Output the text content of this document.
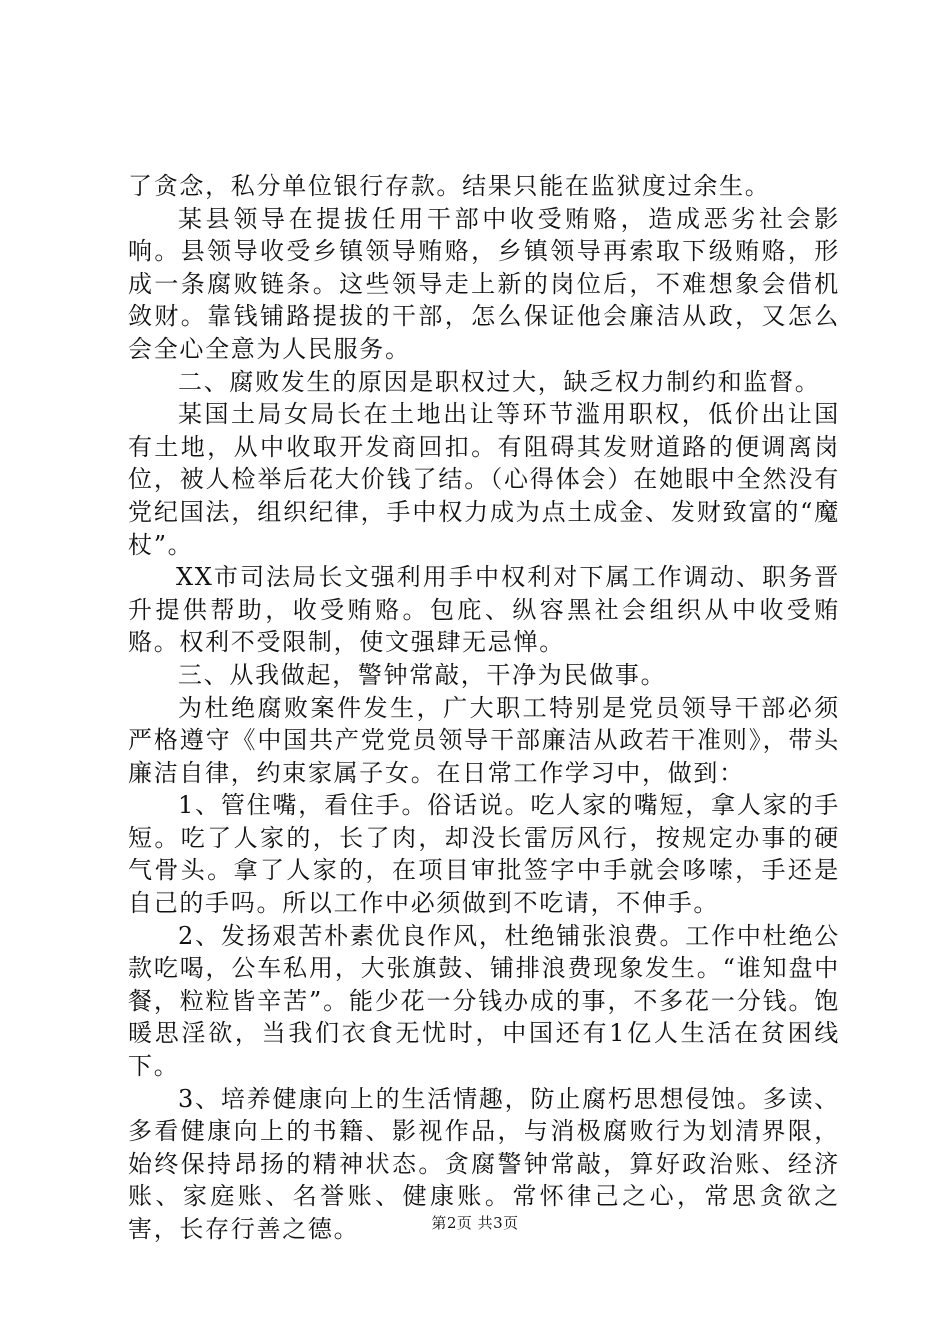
了贪念，私分单位银行存款。结果只能在监狱度过余生。

某县领导在提拔任用干部中收受贿赂，造成恶劣社会影响。县领导收受乡镇领导贿赂，乡镇领导再索取下级贿赂，形成一条腐败链条。这些领导走上新的岗位后，不难想象会借机敛财。靠钱铺路提拔的干部，怎么保证他会廉洁从政，又怎么会全心全意为人民服务。

二、腐败发生的原因是职权过大，缺乏权力制约和监督。

某国土局女局长在土地出让等环节滥用职权，低价出让国有土地，从中收取开发商回扣。有阻碍其发财道路的便调离岗位，被人检举后花大价钱了结。（心得体会）在她眼中全然没有党纪国法，组织纪律，手中权力成为点土成金、发财致富的“魔杖”。

XX市司法局长文强利用手中权利对下属工作调动、职务晋升提供帮助，收受贿赂。包庇、纵容黑社会组织从中收受贿赂。权利不受限制，使文强肆无忌惮。

三、从我做起，警钟常敲，干净为民做事。

为杜绝腐败案件发生，广大职工特别是党员领导干部必须严格遵守《中国共产党党员领导干部廉洁从政若干准则》，带头廉洁自律，约束家属子女。在日常工作学习中，做到：

1、管住嘴，看住手。俗话说。吃人家的嘴短，拿人家的手短。吃了人家的，长了肉，却没长雷厉风行，按规定办事的硬气骨头。拿了人家的，在项目审批签字中手就会哆嗦，手还是自己的手吗。所以工作中必须做到不吃请，不伸手。

2、发扬艰苦朴素优良作风，杜绝铺张浪费。工作中杜绝公款吃喝，公车私用，大张旗鼓、铺排浪费现象发生。“谁知盘中餐，粒粒皆辛苦”。能少花一分钱办成的事，不多花一分钱。饱暖思淫欲，当我们衣食无忧时，中国还有1亿人生活在贫困线下。

3、培养健康向上的生活情趣，防止腐朽思想侵蚀。多读、多看健康向上的书籍、影视作品，与消极腐败行为划清界限，始终保持昂扬的精神状态。贪腐警钟常敲，算好政治账、经济账、家庭账、名誉账、健康账。常怀律己之心，常思贪欲之害，长存行善之德。	第2页 共3页
